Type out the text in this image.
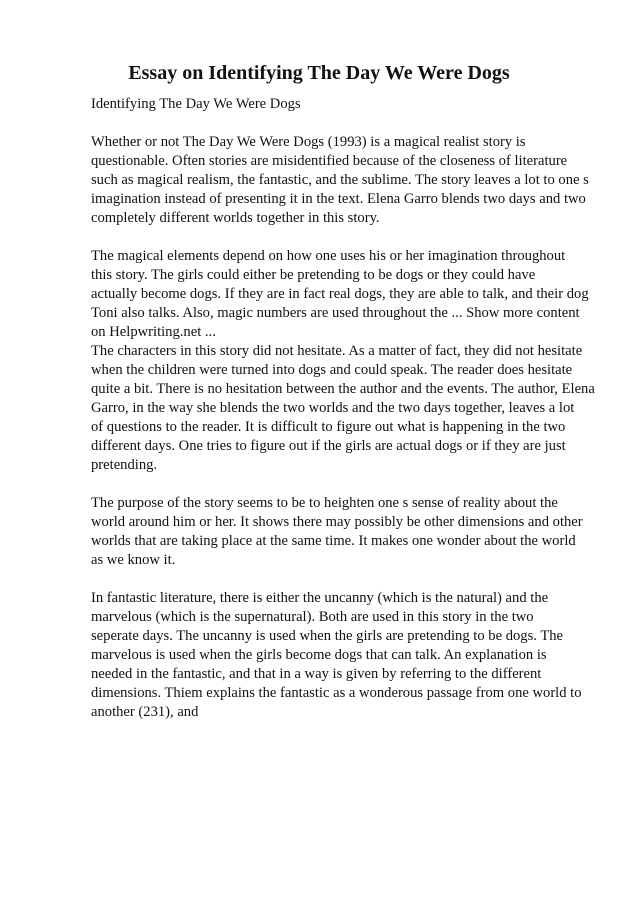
Essay on Identifying The Day We Were Dogs

Identifying The Day We Were Dogs

Whether or not The Day We Were Dogs (1993) is a magical realist story is
questionable. Often stories are misidentified because of the closeness of literature
such as magical realism, the fantastic, and the sublime. The story leaves a lot to one s
imagination instead of presenting it in the text. Elena Garro blends two days and two
completely different worlds together in this story.
The magical elements depend on how one uses his or her imagination throughout
this story. The girls could either be pretending to be dogs or they could have
actually become dogs. If they are in fact real dogs, they are able to talk, and their dog
Toni also talks. Also, magic numbers are used throughout the ... Show more content
on Helpwriting.net ...
The characters in this story did not hesitate. As a matter of fact, they did not hesitate
when the children were turned into dogs and could speak. The reader does hesitate
quite a bit. There is no hesitation between the author and the events. The author, Elena
Garro, in the way she blends the two worlds and the two days together, leaves a lot
of questions to the reader. It is difficult to figure out what is happening in the two
different days. One tries to figure out if the girls are actual dogs or if they are just
pretending.
The purpose of the story seems to be to heighten one s sense of reality about the
world around him or her. It shows there may possibly be other dimensions and other
worlds that are taking place at the same time. It makes one wonder about the world
as we know it.
In fantastic literature, there is either the uncanny (which is the natural) and the
marvelous (which is the supernatural). Both are used in this story in the two
seperate days. The uncanny is used when the girls are pretending to be dogs. The
marvelous is used when the girls become dogs that can talk. An explanation is
needed in the fantastic, and that in a way is given by referring to the different
dimensions. Thiem explains the fantastic as a wonderous passage from one world to
another (231), and
